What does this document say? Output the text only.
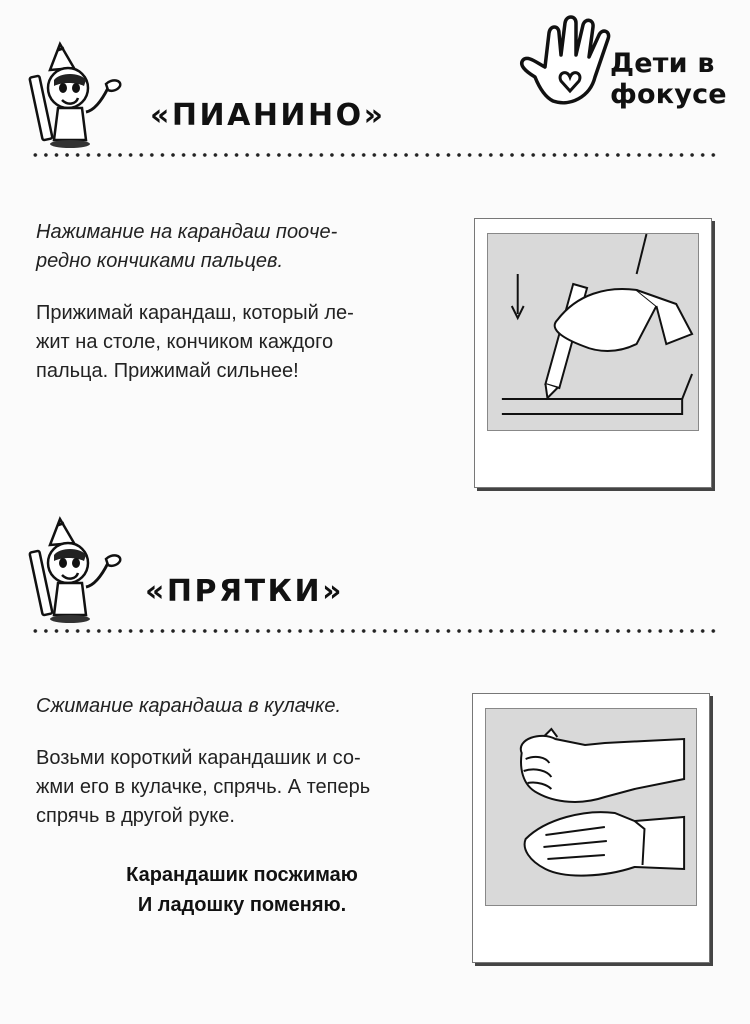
Дети в
фокусе
«ПИАНИНО»
Нажимание на карандаш поoче-
редно кончиками пальцев.
Прижимай карандаш, который ле-
жит на столе, кончиком каждого
пальца. Прижимай сильнее!
«ПРЯТКИ»
Сжимание карандаша в кулачке.
Возьми короткий карандашик и со-
жми его в кулачке, спрячь. А теперь
спрячь в другой руке.
Карандашик посжимаю
И ладошку поменяю.
